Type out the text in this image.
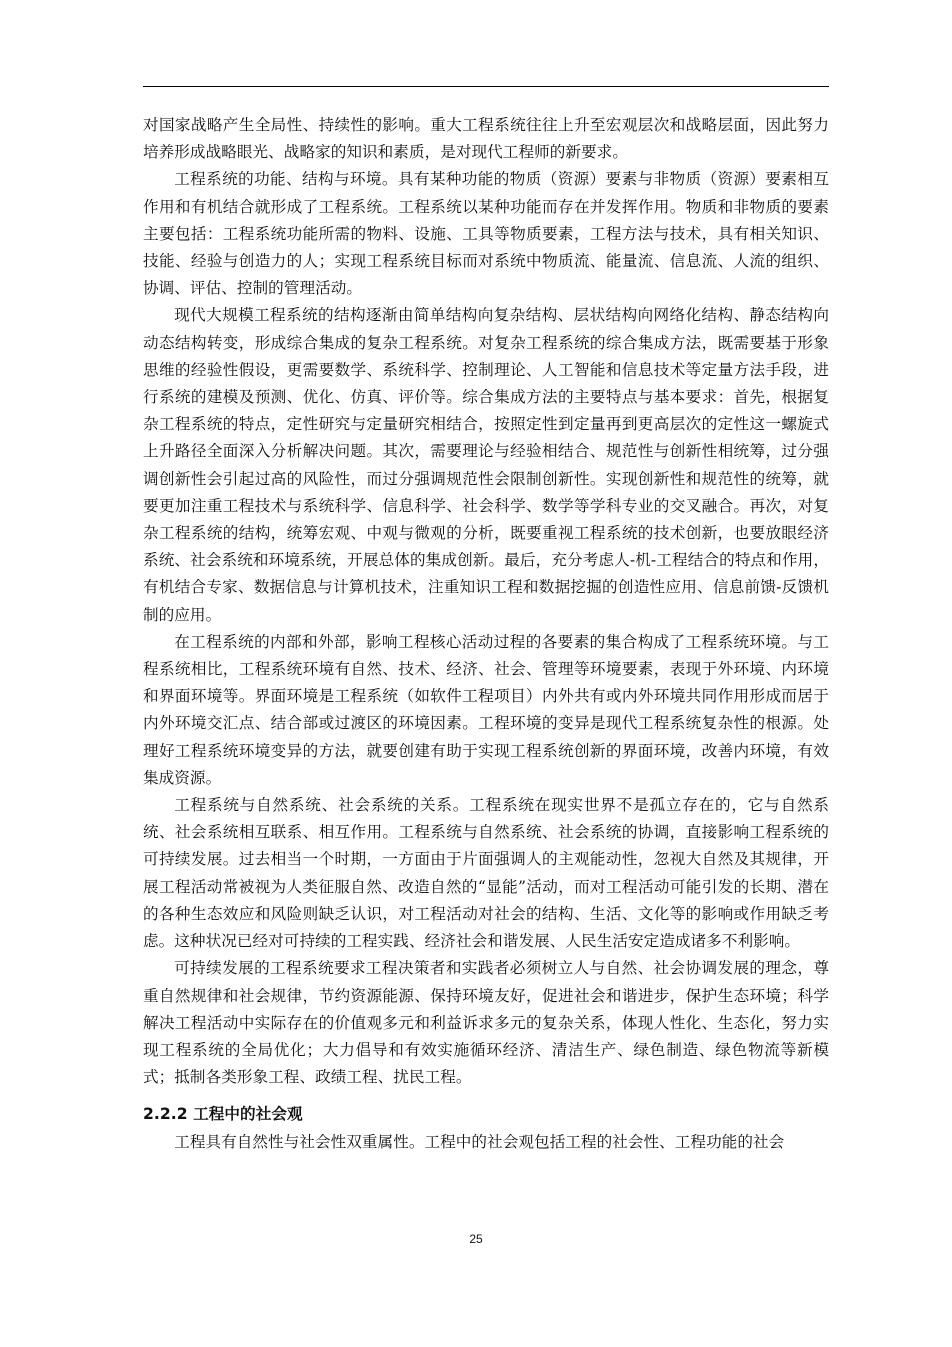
对国家战略产生全局性、持续性的影响。重大工程系统往往上升至宏观层次和战略层面，因此努力培养形成战略眼光、战略家的知识和素质，是对现代工程师的新要求。

工程系统的功能、结构与环境。具有某种功能的物质（资源）要素与非物质（资源）要素相互作用和有机结合就形成了工程系统。工程系统以某种功能而存在并发挥作用。物质和非物质的要素主要包括：工程系统功能所需的物料、设施、工具等物质要素，工程方法与技术，具有相关知识、技能、经验与创造力的人；实现工程系统目标而对系统中物质流、能量流、信息流、人流的组织、协调、评估、控制的管理活动。

现代大规模工程系统的结构逐渐由简单结构向复杂结构、层状结构向网络化结构、静态结构向动态结构转变，形成综合集成的复杂工程系统。对复杂工程系统的综合集成方法，既需要基于形象思维的经验性假设，更需要数学、系统科学、控制理论、人工智能和信息技术等定量方法手段，进行系统的建模及预测、优化、仿真、评价等。综合集成方法的主要特点与基本要求：首先，根据复杂工程系统的特点，定性研究与定量研究相结合，按照定性到定量再到更高层次的定性这一螺旋式上升路径全面深入分析解决问题。其次，需要理论与经验相结合、规范性与创新性相统筹，过分强调创新性会引起过高的风险性，而过分强调规范性会限制创新性。实现创新性和规范性的统筹，就要更加注重工程技术与系统科学、信息科学、社会科学、数学等学科专业的交叉融合。再次，对复杂工程系统的结构，统筹宏观、中观与微观的分析，既要重视工程系统的技术创新，也要放眼经济系统、社会系统和环境系统，开展总体的集成创新。最后，充分考虑人-机-工程结合的特点和作用，有机结合专家、数据信息与计算机技术，注重知识工程和数据挖掘的创造性应用、信息前馈-反馈机制的应用。

在工程系统的内部和外部，影响工程核心活动过程的各要素的集合构成了工程系统环境。与工程系统相比，工程系统环境有自然、技术、经济、社会、管理等环境要素，表现于外环境、内环境和界面环境等。界面环境是工程系统（如软件工程项目）内外共有或内外环境共同作用形成而居于内外环境交汇点、结合部或过渡区的环境因素。工程环境的变异是现代工程系统复杂性的根源。处理好工程系统环境变异的方法，就要创建有助于实现工程系统创新的界面环境，改善内环境，有效集成资源。

工程系统与自然系统、社会系统的关系。工程系统在现实世界不是孤立存在的，它与自然系统、社会系统相互联系、相互作用。工程系统与自然系统、社会系统的协调，直接影响工程系统的可持续发展。过去相当一个时期，一方面由于片面强调人的主观能动性，忽视大自然及其规律，开展工程活动常被视为人类征服自然、改造自然的“显能”活动，而对工程活动可能引发的长期、潜在的各种生态效应和风险则缺乏认识，对工程活动对社会的结构、生活、文化等的影响或作用缺乏考虑。这种状况已经对可持续的工程实践、经济社会和谐发展、人民生活安定造成诸多不利影响。

可持续发展的工程系统要求工程决策者和实践者必须树立人与自然、社会协调发展的理念，尊重自然规律和社会规律，节约资源能源、保持环境友好，促进社会和谐进步，保护生态环境；科学解决工程活动中实际存在的价值观多元和利益诉求多元的复杂关系，体现人性化、生态化，努力实现工程系统的全局优化；大力倡导和有效实施循环经济、清洁生产、绿色制造、绿色物流等新模式；抵制各类形象工程、政绩工程、扰民工程。

2.2.2 工程中的社会观

工程具有自然性与社会性双重属性。工程中的社会观包括工程的社会性、工程功能的社会

25
